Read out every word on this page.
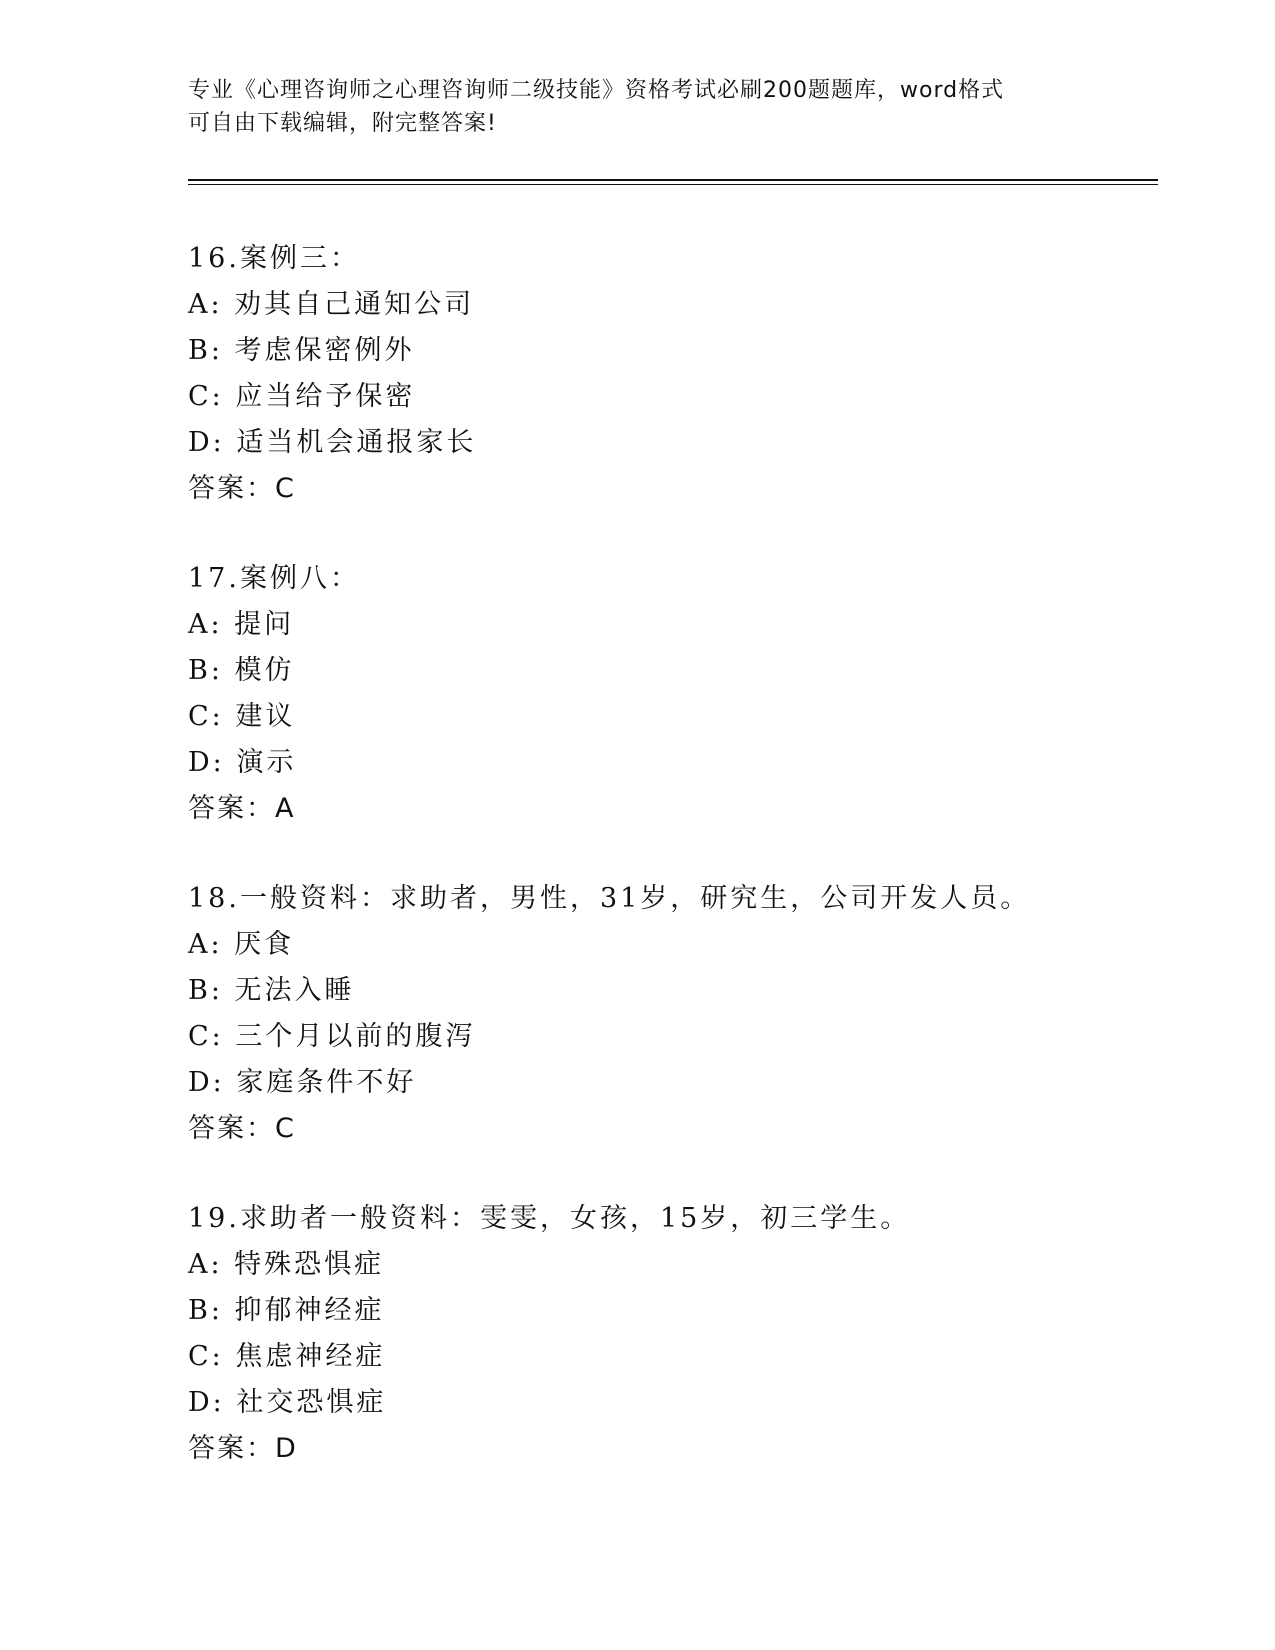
专业《心理咨询师之心理咨询师二级技能》资格考试必刷200题题库，word格式
可自由下载编辑，附完整答案!
16.案例三：
A: 劝其自己通知公司
B: 考虑保密例外
C: 应当给予保密
D: 适当机会通报家长
答案：C
17.案例八：
A: 提问
B: 模仿
C: 建议
D: 演示
答案：A
18.一般资料：求助者，男性，31岁，研究生，公司开发人员。
A: 厌食
B: 无法入睡
C: 三个月以前的腹泻
D: 家庭条件不好
答案：C
19.求助者一般资料：雯雯，女孩，15岁，初三学生。
A: 特殊恐惧症
B: 抑郁神经症
C: 焦虑神经症
D: 社交恐惧症
答案：D
